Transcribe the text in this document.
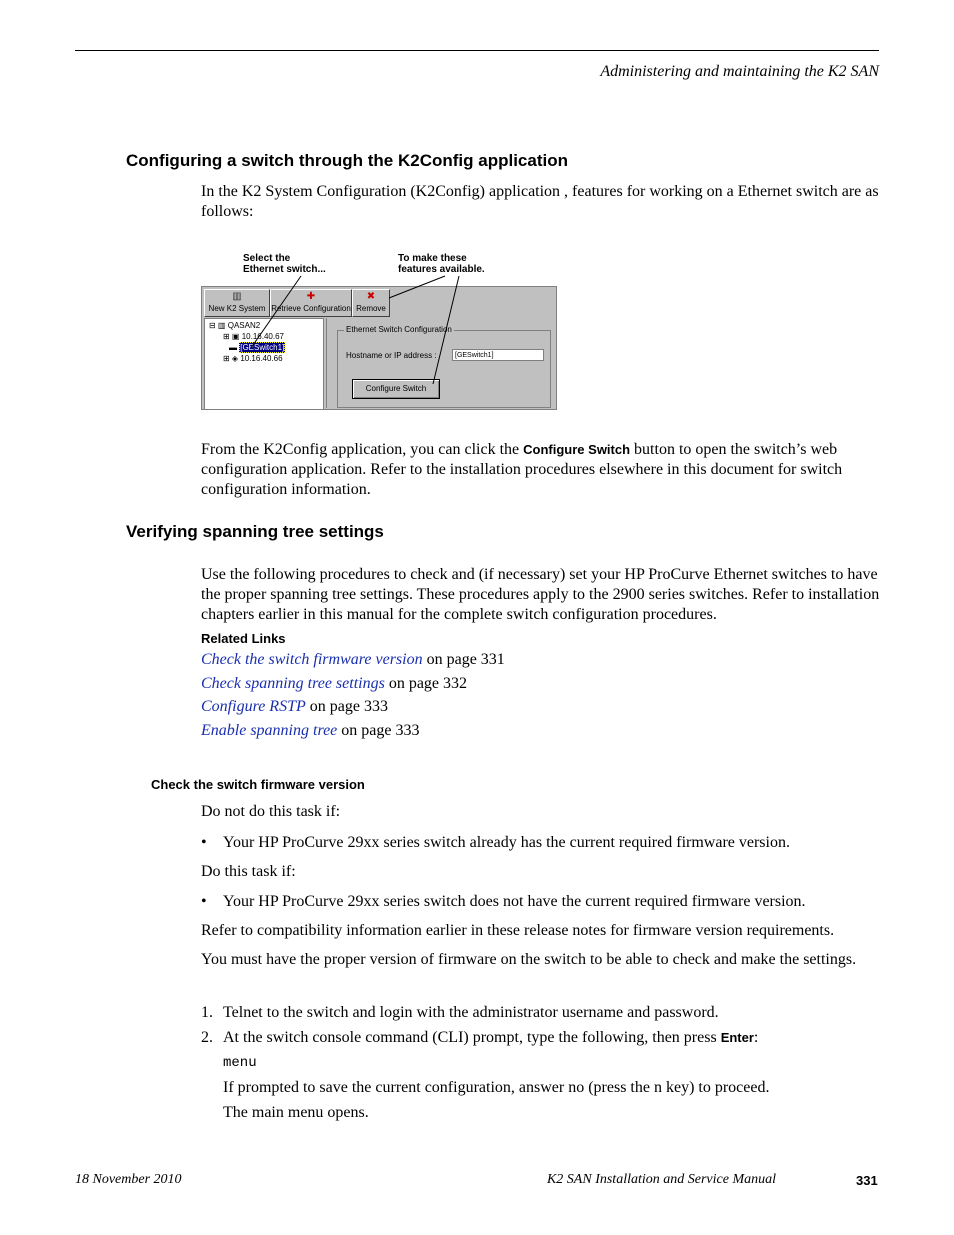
Administering and maintaining the K2 SAN
Configuring a switch through the K2Config application

In the K2 System Configuration (K2Config) application , features for working on a Ethernet switch are as follows:

Select the
Ethernet switch...
To make these
features available.
▥
New K2 System
✚
Retrieve Configuration
✖
Remove
⊟ ▥ QASAN2
⊞ ▣ 10.16.40.67
▬ [GESwitch1]
⊞ ◈ 10.16.40.66
Ethernet Switch Configuration
Hostname or IP address :	[GESwitch1]
Configure Switch

From the K2Config application, you can click the Configure Switch button to open the switch’s web configuration application. Refer to the installation procedures elsewhere in this document for switch configuration information.

Verifying spanning tree settings

Use the following procedures to check and (if necessary) set your HP ProCurve Ethernet switches to have the proper spanning tree settings. These procedures apply to the 2900 series switches. Refer to installation chapters earlier in this manual for the complete switch configuration procedures.

Related Links
Check the switch firmware version on page 331
Check spanning tree settings on page 332
Configure RSTP on page 333
Enable spanning tree on page 333
Check the switch firmware version

Do not do this task if:

• Your HP ProCurve 29xx series switch already has the current required firmware version.

Do this task if:

• Your HP ProCurve 29xx series switch does not have the current required firmware version.

Refer to compatibility information earlier in these release notes for firmware version requirements.

You must have the proper version of firmware on the switch to be able to check and make the settings.

1. Telnet to the switch and login with the administrator username and password.
2. At the switch console command (CLI) prompt, type the following, then press Enter:
menu
If prompted to save the current configuration, answer no (press the n key) to proceed.
The main menu opens.
18 November 2010	K2 SAN Installation and Service Manual	331
